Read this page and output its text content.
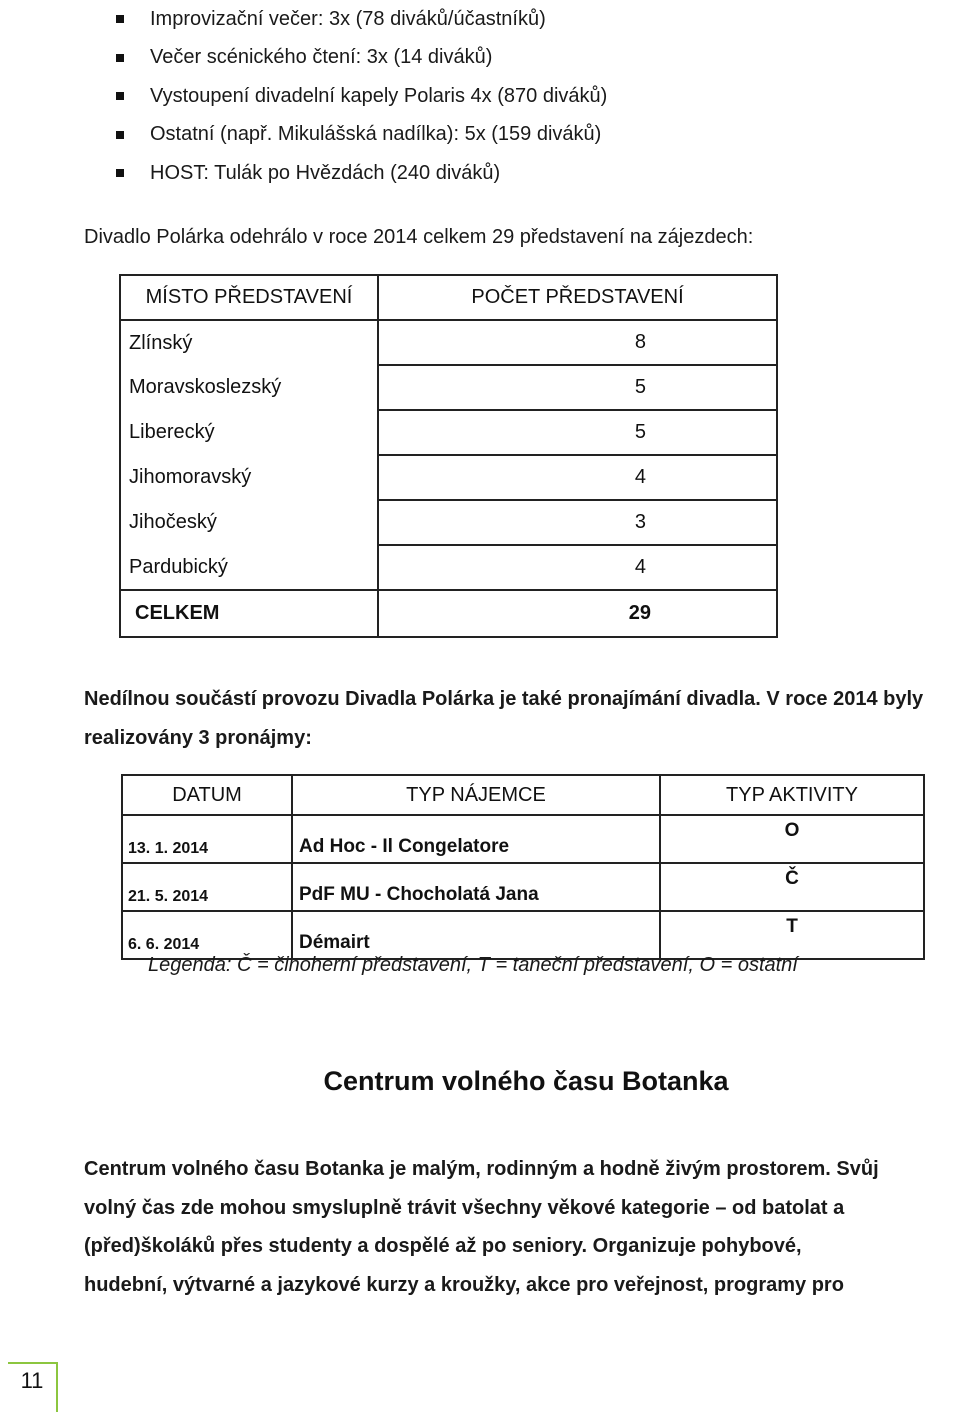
Improvizační večer: 3x (78 diváků/účastníků)
Večer scénického čtení: 3x (14 diváků)
Vystoupení divadelní kapely Polaris 4x (870 diváků)
Ostatní (např. Mikulášská nadílka): 5x (159 diváků)
HOST: Tulák po Hvězdách (240 diváků)
Divadlo Polárka odehrálo v roce 2014 celkem 29 představení na zájezdech:
MÍSTO PŘEDSTAVENÍ	POČET PŘEDSTAVENÍ
Zlínský	8
Moravskoslezský	5
Liberecký	5
Jihomoravský	4
Jihočeský	3
Pardubický	4
CELKEM	29
Nedílnou součástí provozu Divadla Polárka je také pronajímání divadla. V roce 2014 byly realizovány 3 pronájmy:
DATUM	TYP NÁJEMCE	TYP AKTIVITY
13. 1. 2014	Ad Hoc - Il Congelatore	O
21. 5. 2014	PdF MU - Chocholatá Jana	Č
6. 6. 2014	Démairt	T
Legenda: Č = činoherní představení, T = taneční představení, O = ostatní
Centrum volného času Botanka
Centrum volného času Botanka je malým, rodinným a hodně živým prostorem. Svůj
volný čas zde mohou smysluplně trávit všechny věkové kategorie – od batolat a
(před)školáků přes studenty a dospělé až po seniory. Organizuje pohybové,
hudební, výtvarné a jazykové kurzy a kroužky, akce pro veřejnost, programy pro
11
